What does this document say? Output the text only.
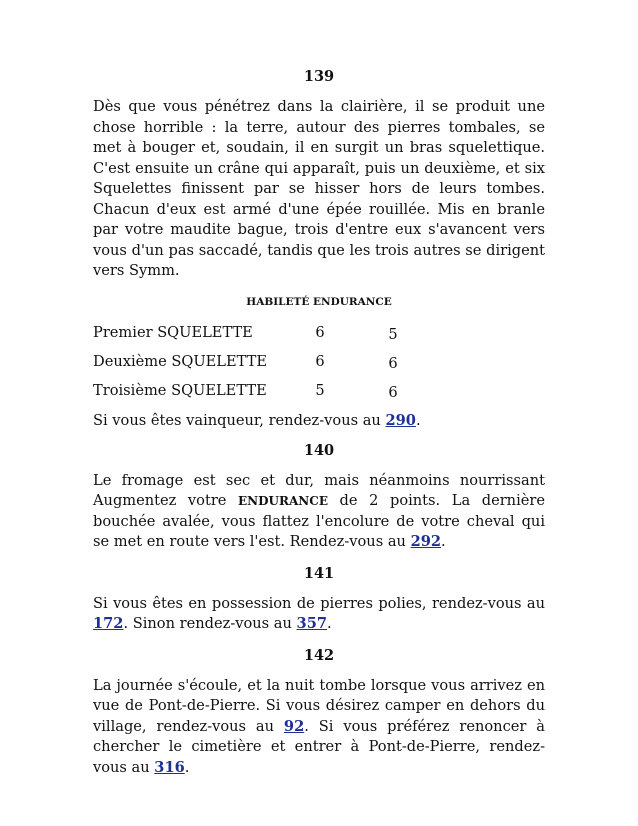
139

Dès que vous pénétrez dans la clairière, il se produit une chose horrible : la terre, autour des pierres tombales, se met à bouger et, soudain, il en surgit un bras squelettique. C'est ensuite un crâne qui apparaît, puis un deuxième, et six Squelettes finissent par se hisser hors de leurs tombes. Chacun d'eux est armé d'une épée rouillée. Mis en branle par votre maudite bague, trois d'entre eux s'avancent vers vous d'un pas saccadé, tandis que les trois autres se dirigent vers Symm.

HABILETÉ ENDURANCE
Premier SQUELETTE	6	5
Deuxième SQUELETTE	6	6
Troisième SQUELETTE	5	6

Si vous êtes vainqueur, rendez-vous au 290.

140

Le fromage est sec et dur, mais néanmoins nourrissant Augmentez votre ENDURANCE de 2 points. La dernière bouchée avalée, vous flattez l'encolure de votre cheval qui se met en route vers l'est. Rendez-vous au 292.

141

Si vous êtes en possession de pierres polies, rendez-vous au 172. Sinon rendez-vous au 357.

142

La journée s'écoule, et la nuit tombe lorsque vous arrivez en vue de Pont-de-Pierre. Si vous désirez camper en dehors du village, rendez-vous au 92. Si vous préférez renoncer à chercher le cimetière et entrer à Pont-de-Pierre, rendez-vous au 316.
